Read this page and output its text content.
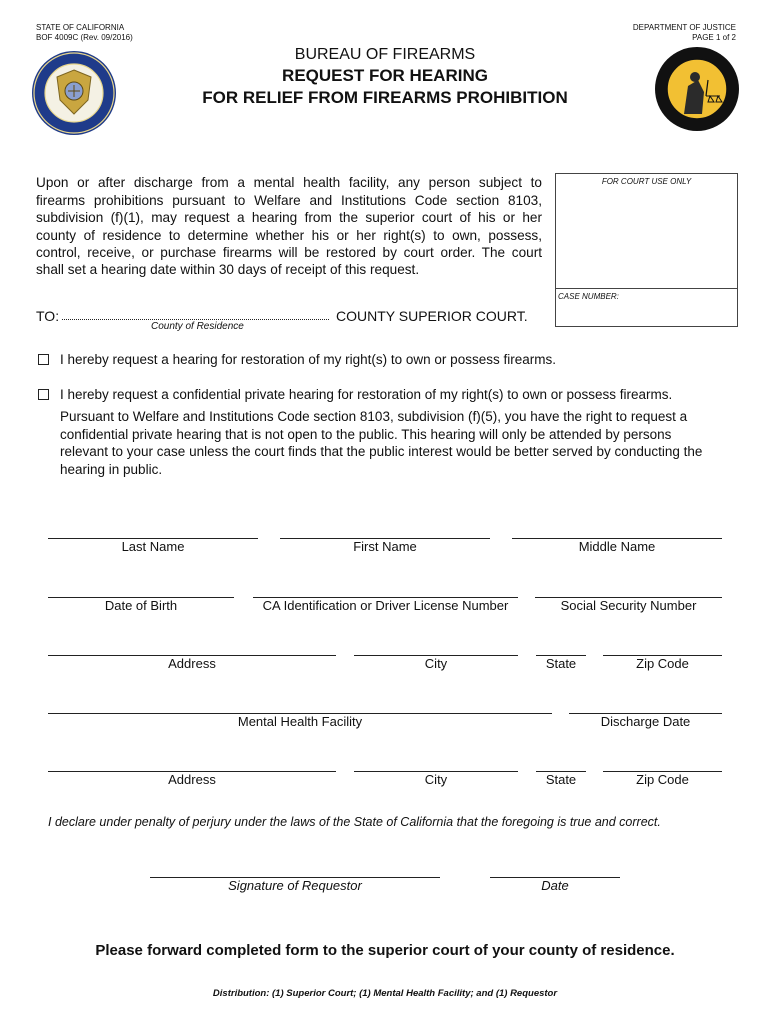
STATE OF CALIFORNIA
BOF 4009C (Rev. 09/2016)
DEPARTMENT OF JUSTICE
PAGE 1 of 2
BUREAU OF FIREARMS
REQUEST FOR HEARING
FOR RELIEF FROM FIREARMS PROHIBITION
Upon or after discharge from a mental health facility, any person subject to
firearms prohibitions pursuant to Welfare and Institutions Code section 8103,
subdivision (f)(1), may request a hearing from the superior court of his or her
county of residence to determine whether his or her right(s) to own, possess,
control, receive, or purchase firearms will be restored by court order. The court
shall set a hearing date within 30 days of receipt of this request.
FOR COURT USE ONLY
CASE NUMBER:
TO:	COUNTY SUPERIOR COURT.
County of Residence
I hereby request a hearing for restoration of my right(s) to own or possess firearms.
I hereby request a confidential private hearing for restoration of my right(s) to own or possess firearms.
Pursuant to Welfare and Institutions Code section 8103, subdivision (f)(5), you have the right to request a
confidential private hearing that is not open to the public. This hearing will only be attended by persons
relevant to your case unless the court finds that the public interest would be better served by conducting the
hearing in public.
Last Name	First Name	Middle Name
Date of Birth	CA Identification or Driver License Number	Social Security Number
Address	City	State	Zip Code
Mental Health Facility	Discharge Date
Address	City	State	Zip Code
I declare under penalty of perjury under the laws of the State of California that the foregoing is true and correct.
Signature of Requestor	Date
Please forward completed form to the superior court of your county of residence.
Distribution: (1) Superior Court; (1) Mental Health Facility; and (1) Requestor
